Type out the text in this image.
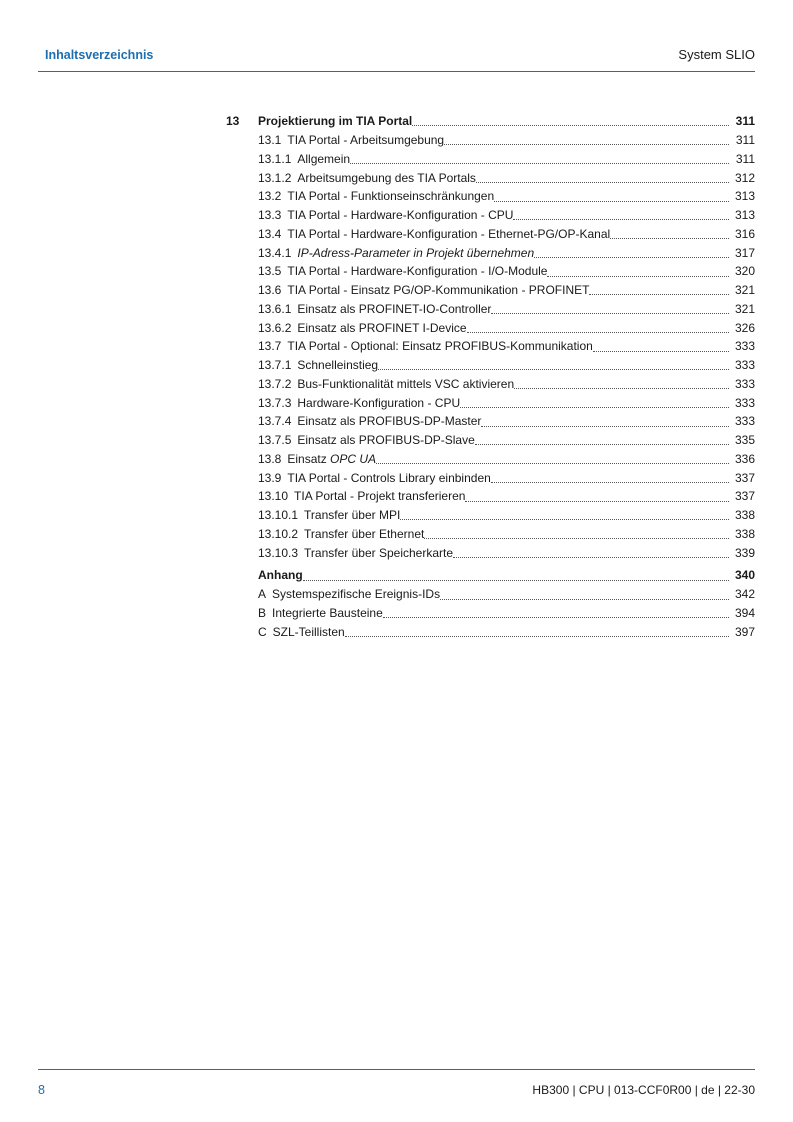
Inhaltsverzeichnis	System SLIO
13	Projektierung im TIA Portal	311
13.1 TIA Portal - Arbeitsumgebung	311
13.1.1 Allgemein	311
13.1.2 Arbeitsumgebung des TIA Portals	312
13.2 TIA Portal - Funktionseinschränkungen	313
13.3 TIA Portal - Hardware-Konfiguration - CPU	313
13.4 TIA Portal - Hardware-Konfiguration - Ethernet-PG/OP-Kanal	316
13.4.1 IP-Adress-Parameter in Projekt übernehmen	317
13.5 TIA Portal - Hardware-Konfiguration - I/O-Module	320
13.6 TIA Portal - Einsatz PG/OP-Kommunikation - PROFINET	321
13.6.1 Einsatz als PROFINET-IO-Controller	321
13.6.2 Einsatz als PROFINET I-Device	326
13.7 TIA Portal - Optional: Einsatz PROFIBUS-Kommunikation	333
13.7.1 Schnelleinstieg	333
13.7.2 Bus-Funktionalität mittels VSC aktivieren	333
13.7.3 Hardware-Konfiguration - CPU	333
13.7.4 Einsatz als PROFIBUS-DP-Master	333
13.7.5 Einsatz als PROFIBUS-DP-Slave	335
13.8 Einsatz OPC UA	336
13.9 TIA Portal - Controls Library einbinden	337
13.10 TIA Portal - Projekt transferieren	337
13.10.1 Transfer über MPI	338
13.10.2 Transfer über Ethernet	338
13.10.3 Transfer über Speicherkarte	339
Anhang	340
A Systemspezifische Ereignis-IDs	342
B Integrierte Bausteine	394
C SZL-Teillisten	397
8	HB300 | CPU | 013-CCF0R00 | de | 22-30
